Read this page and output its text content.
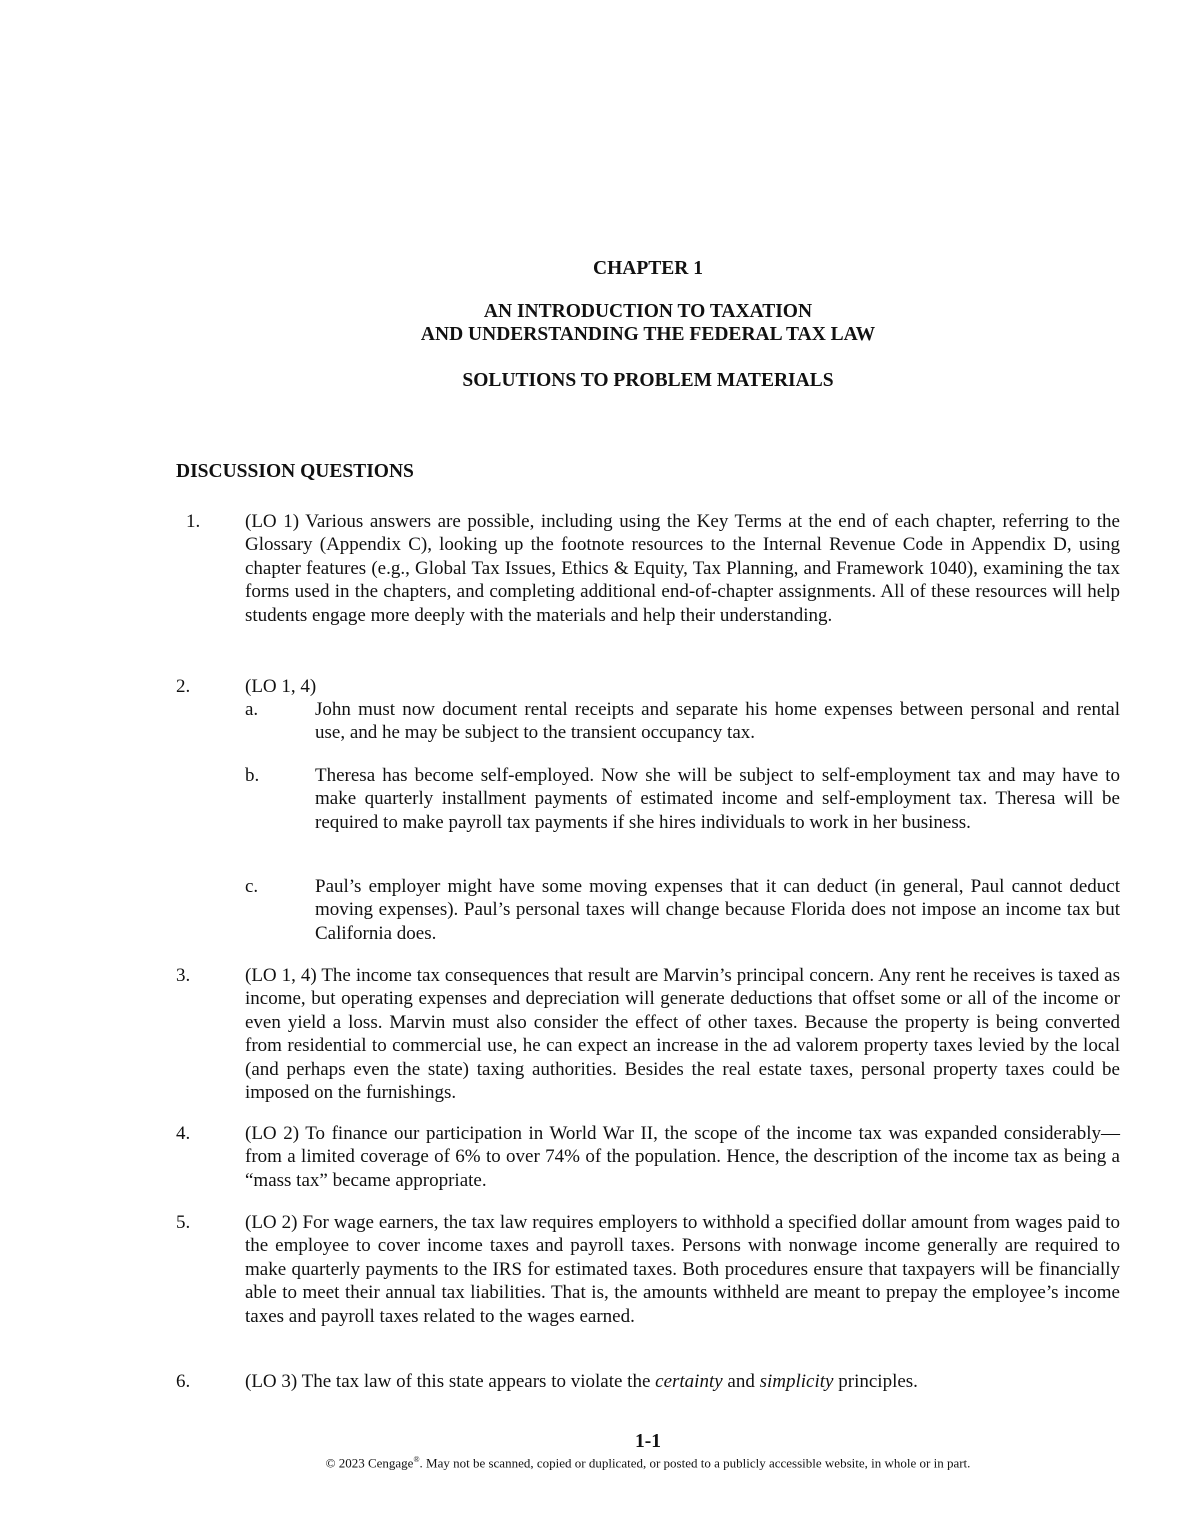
CHAPTER 1
AN INTRODUCTION TO TAXATION
AND UNDERSTANDING THE FEDERAL TAX LAW
SOLUTIONS TO PROBLEM MATERIALS
DISCUSSION QUESTIONS
1.	(LO 1) Various answers are possible, including using the Key Terms at the end of each chapter, referring to the Glossary (Appendix C), looking up the footnote resources to the Internal Revenue Code in Appendix D, using chapter features (e.g., Global Tax Issues, Ethics & Equity, Tax Planning, and Framework 1040), examining the tax forms used in the chapters, and completing additional end-of-chapter assignments. All of these resources will help students engage more deeply with the materials and help their understanding.
2.	(LO 1, 4)
a.	John must now document rental receipts and separate his home expenses between personal and rental use, and he may be subject to the transient occupancy tax.
b.	Theresa has become self-employed. Now she will be subject to self-employment tax and may have to make quarterly installment payments of estimated income and self-employment tax. Theresa will be required to make payroll tax payments if she hires individuals to work in her business.
c.	Paul’s employer might have some moving expenses that it can deduct (in general, Paul cannot deduct moving expenses). Paul’s personal taxes will change because Florida does not impose an income tax but California does.
3.	(LO 1, 4) The income tax consequences that result are Marvin’s principal concern. Any rent he receives is taxed as income, but operating expenses and depreciation will generate deductions that offset some or all of the income or even yield a loss. Marvin must also consider the effect of other taxes. Because the property is being converted from residential to commercial use, he can expect an increase in the ad valorem property taxes levied by the local (and perhaps even the state) taxing authorities. Besides the real estate taxes, personal property taxes could be imposed on the furnishings.
4.	(LO 2) To finance our participation in World War II, the scope of the income tax was expanded considerably—from a limited coverage of 6% to over 74% of the population. Hence, the description of the income tax as being a “mass tax” became appropriate.
5.	(LO 2) For wage earners, the tax law requires employers to withhold a specified dollar amount from wages paid to the employee to cover income taxes and payroll taxes. Persons with nonwage income generally are required to make quarterly payments to the IRS for estimated taxes. Both procedures ensure that taxpayers will be financially able to meet their annual tax liabilities. That is, the amounts withheld are meant to prepay the employee’s income taxes and payroll taxes related to the wages earned.
6.	(LO 3) The tax law of this state appears to violate the certainty and simplicity principles.
1-1
© 2023 Cengage®. May not be scanned, copied or duplicated, or posted to a publicly accessible website, in whole or in part.
